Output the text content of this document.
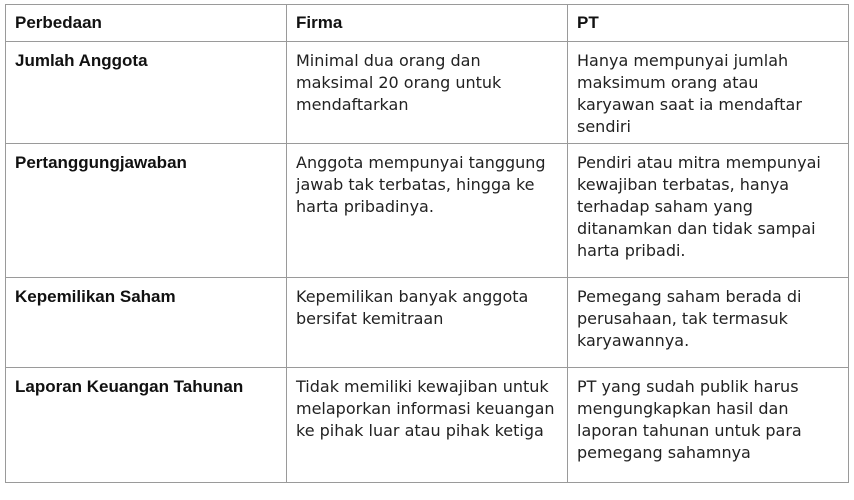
Perbedaan	Firma	PT
Jumlah Anggota	Minimal dua orang dan maksimal 20 orang untuk mendaftarkan	Hanya mempunyai jumlah maksimum orang atau karyawan saat ia mendaftar sendiri
Pertanggungjawaban	Anggota mempunyai tanggung jawab tak terbatas, hingga ke harta pribadinya.	Pendiri atau mitra mempunyai kewajiban terbatas, hanya terhadap saham yang ditanamkan dan tidak sampai harta pribadi.
Kepemilikan Saham	Kepemilikan banyak anggota bersifat kemitraan	Pemegang saham berada di perusahaan, tak termasuk karyawannya.
Laporan Keuangan Tahunan	Tidak memiliki kewajiban untuk melaporkan informasi keuangan ke pihak luar atau pihak ketiga	PT yang sudah publik harus mengungkapkan hasil dan laporan tahunan untuk para pemegang sahamnya
